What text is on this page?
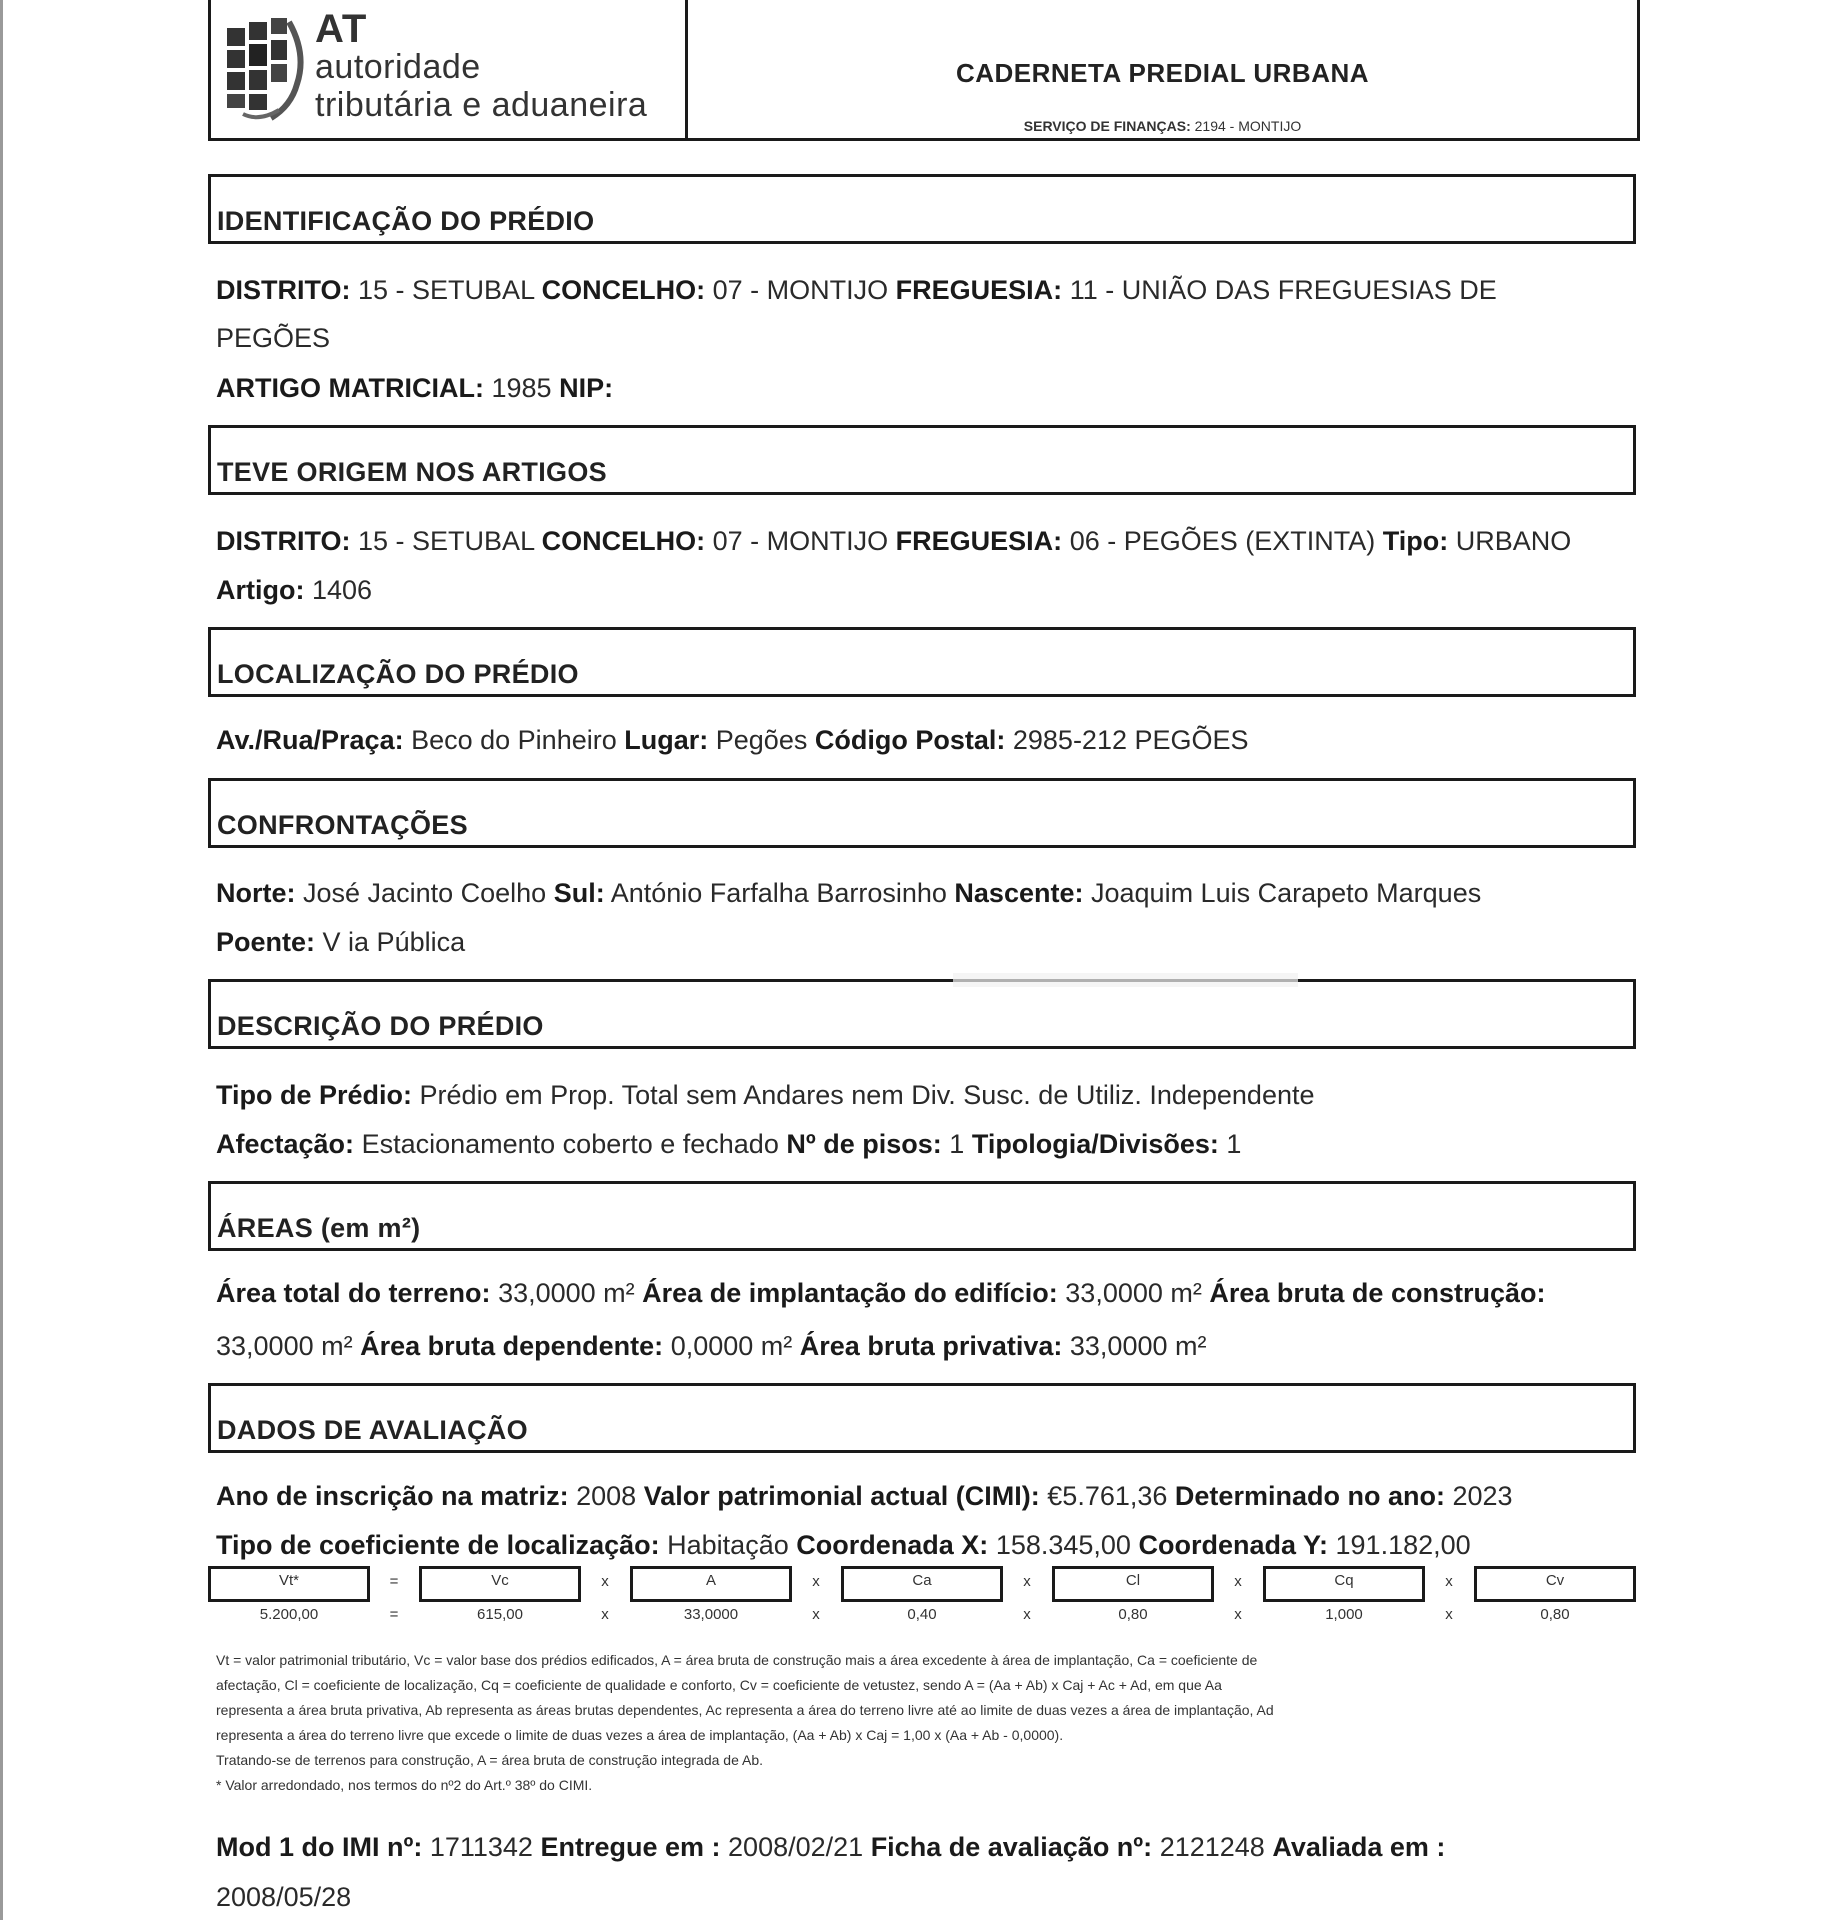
AT
autoridade
tributária e aduaneira
CADERNETA PREDIAL URBANA
SERVIÇO DE FINANÇAS: 2194 - MONTIJO
IDENTIFICAÇÃO DO PRÉDIO
DISTRITO: 15 - SETUBAL CONCELHO: 07 - MONTIJO FREGUESIA: 11 - UNIÃO DAS FREGUESIAS DE
PEGÕES
ARTIGO MATRICIAL: 1985 NIP:
TEVE ORIGEM NOS ARTIGOS
DISTRITO: 15 - SETUBAL CONCELHO: 07 - MONTIJO FREGUESIA: 06 - PEGÕES (EXTINTA) Tipo: URBANO
Artigo: 1406
LOCALIZAÇÃO DO PRÉDIO
Av./Rua/Praça: Beco do Pinheiro Lugar: Pegões Código Postal: 2985-212 PEGÕES
CONFRONTAÇÕES
Norte: José Jacinto Coelho Sul: António Farfalha Barrosinho Nascente: Joaquim Luis Carapeto Marques
Poente: V ia Pública
DESCRIÇÃO DO PRÉDIO
Tipo de Prédio: Prédio em Prop. Total sem Andares nem Div. Susc. de Utiliz. Independente
Afectação: Estacionamento coberto e fechado Nº de pisos: 1 Tipologia/Divisões: 1
ÁREAS (em m²)
Área total do terreno: 33,0000 m² Área de implantação do edifício: 33,0000 m² Área bruta de construção:
33,0000 m² Área bruta dependente: 0,0000 m² Área bruta privativa: 33,0000 m²
DADOS DE AVALIAÇÃO
Ano de inscrição na matriz: 2008 Valor patrimonial actual (CIMI): €5.761,36 Determinado no ano: 2023
Tipo de coeficiente de localização: Habitação Coordenada X: 158.345,00 Coordenada Y: 191.182,00
Vt*	Vc	A	Ca	Cl	Cq	Cv
=	x	x	x	x	x
5.200,00	615,00	33,0000	0,40	0,80	1,000	0,80
=	x	x	x	x	x
Vt = valor patrimonial tributário, Vc = valor base dos prédios edificados, A = área bruta de construção mais a área excedente à área de implantação, Ca = coeficiente de
afectação, Cl = coeficiente de localização, Cq = coeficiente de qualidade e conforto, Cv = coeficiente de vetustez, sendo A = (Aa + Ab) x Caj + Ac + Ad, em que Aa
representa a área bruta privativa, Ab representa as áreas brutas dependentes, Ac representa a área do terreno livre até ao limite de duas vezes a área de implantação, Ad
representa a área do terreno livre que excede o limite de duas vezes a área de implantação, (Aa + Ab) x Caj = 1,00 x (Aa + Ab - 0,0000).
Tratando-se de terrenos para construção, A = área bruta de construção integrada de Ab.
* Valor arredondado, nos termos do nº2 do Art.º 38º do CIMI.
Mod 1 do IMI nº: 1711342 Entregue em : 2008/02/21 Ficha de avaliação nº: 2121248 Avaliada em :
2008/05/28
